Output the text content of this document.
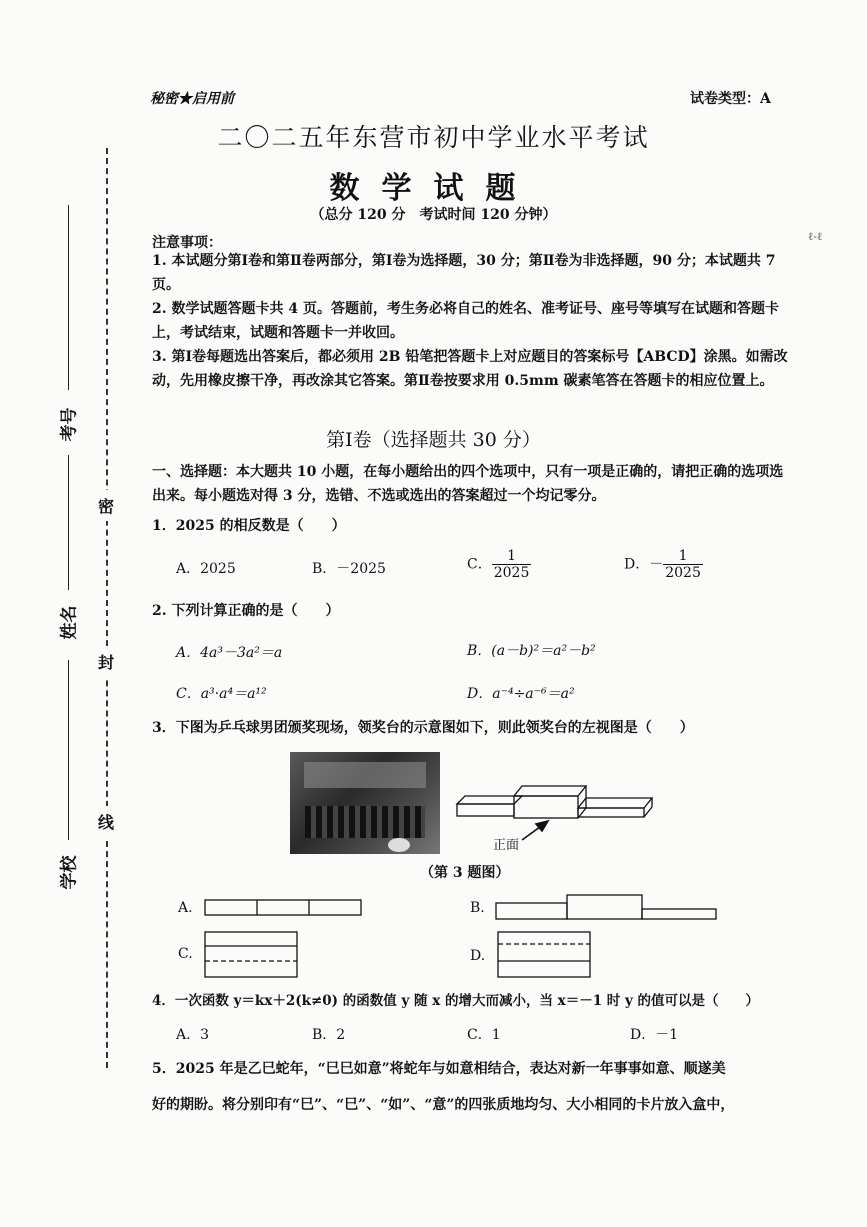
秘密★启用前	试卷类型：A
二〇二五年东营市初中学业水平考试
数学试题
（总分 120 分　考试时间 120 分钟）
密
封
线
考号
姓名
学校
ℓ-ℓ
注意事项：
1. 本试题分第Ⅰ卷和第Ⅱ卷两部分，第Ⅰ卷为选择题，30 分；第Ⅱ卷为非选择题，90 分；本试题共 7 页。
2. 数学试题答题卡共 4 页。答题前，考生务必将自己的姓名、准考证号、座号等填写在试题和答题卡上，考试结束，试题和答题卡一并收回。
3. 第Ⅰ卷每题选出答案后，都必须用 2B 铅笔把答题卡上对应题目的答案标号【ABCD】涂黑。如需改动，先用橡皮擦干净，再改涂其它答案。第Ⅱ卷按要求用 0.5mm 碳素笔答在答题卡的相应位置上。
第Ⅰ卷（选择题共 30 分）
一、选择题：本大题共 10 小题，在每小题给出的四个选项中，只有一项是正确的，请把正确的选项选出来。每小题选对得 3 分，选错、不选或选出的答案超过一个均记零分。
1．2025 的相反数是（　　）
A．2025	B．－2025	C． $\frac{1}{2025}$	D．－ $\frac{1}{2025}$
2. 下列计算正确的是（　　）
A．4a³－3a²＝a	B．(a－b)²＝a²－b²
C．a³·a⁴＝a¹²	D．a⁻⁴÷a⁻⁶＝a²
3．下图为乒乓球男团颁奖现场，领奖台的示意图如下，则此领奖台的左视图是（　　）
正面
（第 3 题图）
A.	B.
C.	D.
4．一次函数 y＝kx＋2(k≠0) 的函数值 y 随 x 的增大而减小，当 x＝－1 时 y 的值可以是（　　）
A．3	B．2	C．1	D．－1
5．2025 年是乙巳蛇年，“巳巳如意”将蛇年与如意相结合，表达对新一年事事如意、顺遂美
好的期盼。将分别印有“巳”、“巳”、“如”、“意”的四张质地均匀、大小相同的卡片放入盒中，
